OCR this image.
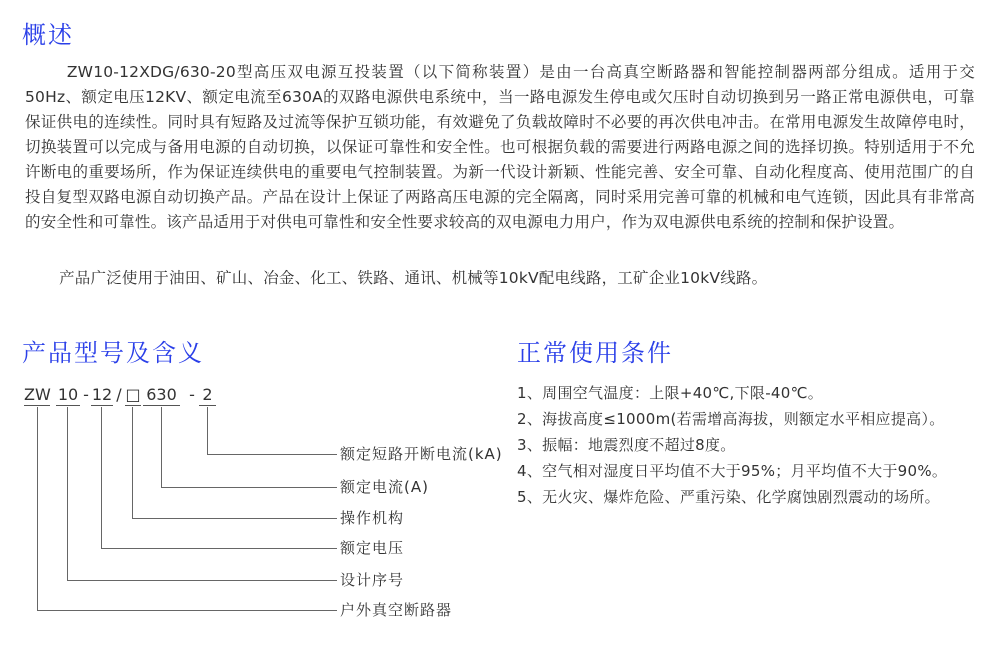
概述

ZW10-12XDG/630-20型高压双电源互投装置（以下简称装置）是由一台高真空断路器和智能控制器两部分组成。适用于交50Hz、额定电压12KV、额定电流至630A的双路电源供电系统中，当一路电源发生停电或欠压时自动切换到另一路正常电源供电，可靠保证供电的连续性。同时具有短路及过流等保护互锁功能，有效避免了负载故障时不必要的再次供电冲击。在常用电源发生故障停电时，切换装置可以完成与备用电源的自动切换，以保证可靠性和安全性。也可根据负载的需要进行两路电源之间的选择切换。特别适用于不允许断电的重要场所，作为保证连续供电的重要电气控制装置。为新一代设计新颖、性能完善、安全可靠、自动化程度高、使用范围广的自投自复型双路电源自动切换产品。产品在设计上保证了两路高压电源的完全隔离，同时采用完善可靠的机械和电气连锁，因此具有非常高的安全性和可靠性。该产品适用于对供电可靠性和安全性要求较高的双电源电力用户，作为双电源供电系统的控制和保护设置。

产品广泛使用于油田、矿山、冶金、化工、铁路、通讯、机械等10kV配电线路，工矿企业10kV线路。

产品型号及含义
ZW 10 - 12 / □ 630 - 2
额定短路开断电流(kA)
额定电流(A)
操作机构
额定电压
设计序号
户外真空断路器
正常使用条件
1、周围空气温度：上限+40℃,下限-40℃。
2、海拔高度≤1000m(若需增高海拔，则额定水平相应提高）。
3、振幅：地震烈度不超过8度。
4、空气相对湿度日平均值不大于95%；月平均值不大于90%。
5、无火灾、爆炸危险、严重污染、化学腐蚀剧烈震动的场所。
